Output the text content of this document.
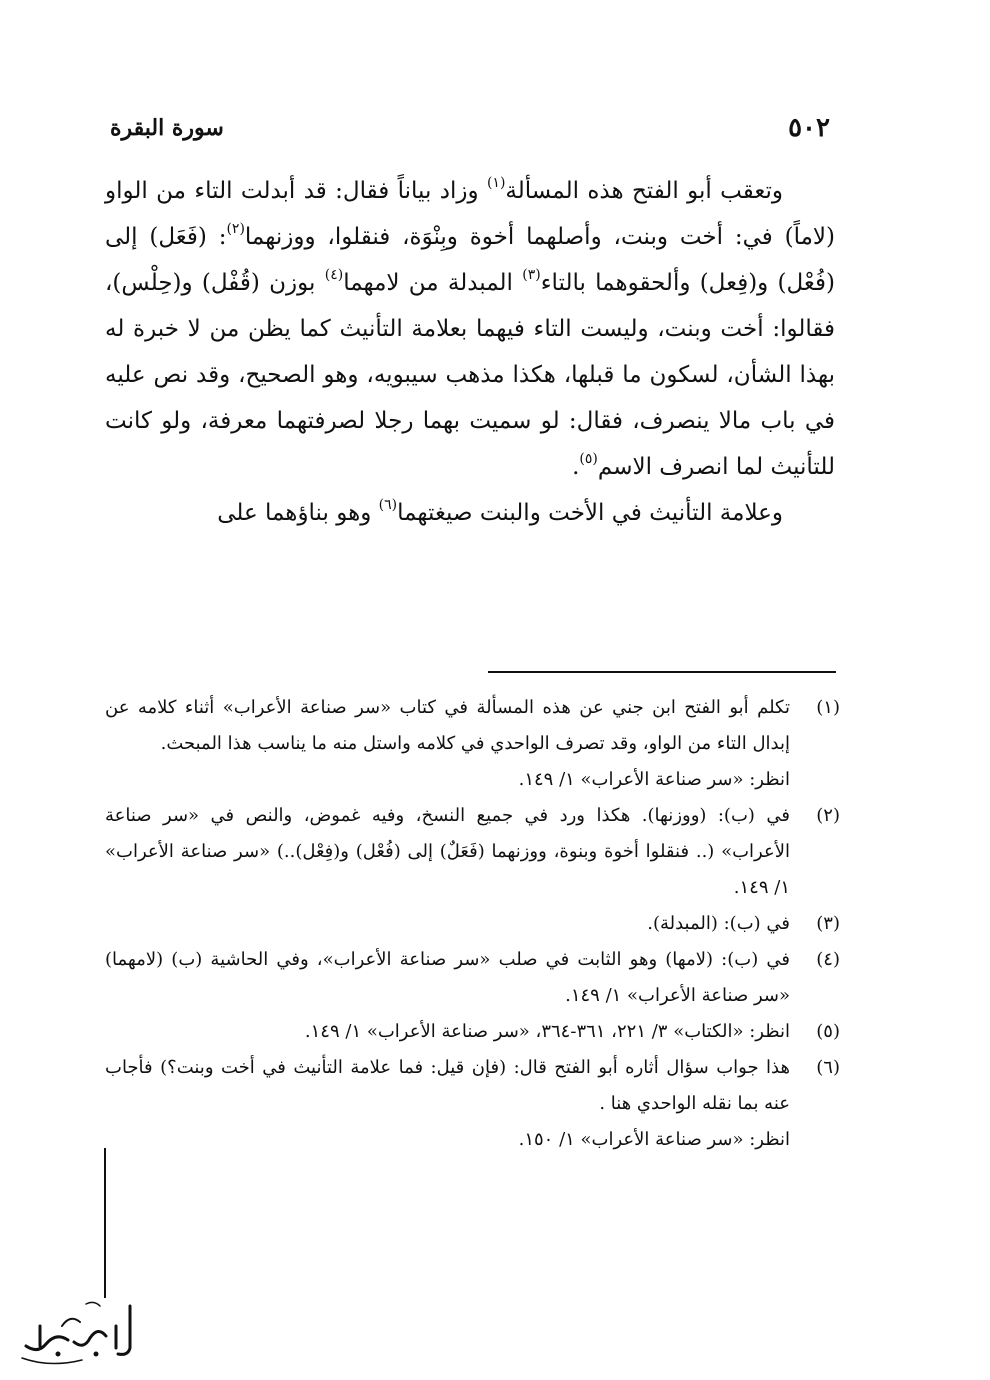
٥٠٢
سورة البقرة

وتعقب أبو الفتح هذه المسألة$^{(١)}$ وزاد بياناً فقال: قد أبدلت التاء من الواو (لاماً) في: أخت وبنت، وأصلهما أخوة وبِنْوَة، فنقلوا، ووزنهما$^{(٢)}$: (فَعَل) إلى (فُعْل) و(فِعل) وألحقوهما بالتاء$^{(٣)}$ المبدلة من لامهما$^{(٤)}$ بوزن (قُفْل) و(حِلْس)، فقالوا: أخت وبنت، وليست التاء فيهما بعلامة التأنيث كما يظن من لا خبرة له بهذا الشأن، لسكون ما قبلها، هكذا مذهب سيبويه، وهو الصحيح، وقد نص عليه في باب مالا ينصرف، فقال: لو سميت بهما رجلا لصرفتهما معرفة، ولو كانت للتأنيث لما انصرف الاسم$^{(٥)}$.

وعلامة التأنيث في الأخت والبنت صيغتهما$^{(٦)}$ وهو بناؤهما على

(١)

تكلم أبو الفتح ابن جني عن هذه المسألة في كتاب «سر صناعة الأعراب» أثناء كلامه عن إبدال التاء من الواو، وقد تصرف الواحدي في كلامه واستل منه ما يناسب هذا المبحث.

انظر: «سر صناعة الأعراب» ١/ ١٤٩.

(٢)

في (ب): (ووزنها). هكذا ورد في جميع النسخ، وفيه غموض، والنص في «سر صناعة الأعراب» (.. فنقلوا أخوة وبنوة، ووزنهما (فَعَلٌ) إلى (فُعْل) و(فِعْل)..) «سر صناعة الأعراب» ١/ ١٤٩.

(٣)

في (ب): (المبدلة).

(٤)

في (ب): (لامها) وهو الثابت في صلب «سر صناعة الأعراب»، وفي الحاشية (ب) (لامهما) «سر صناعة الأعراب» ١/ ١٤٩.

(٥)

انظر: «الكتاب» ٣/ ٢٢١، ٣٦١-٣٦٤، «سر صناعة الأعراب» ١/ ١٤٩.

(٦)

هذا جواب سؤال أثاره أبو الفتح قال: (فإن قيل: فما علامة التأنيث في أخت وبنت؟) فأجاب عنه بما نقله الواحدي هنا .

انظر: «سر صناعة الأعراب» ١/ ١٥٠.
